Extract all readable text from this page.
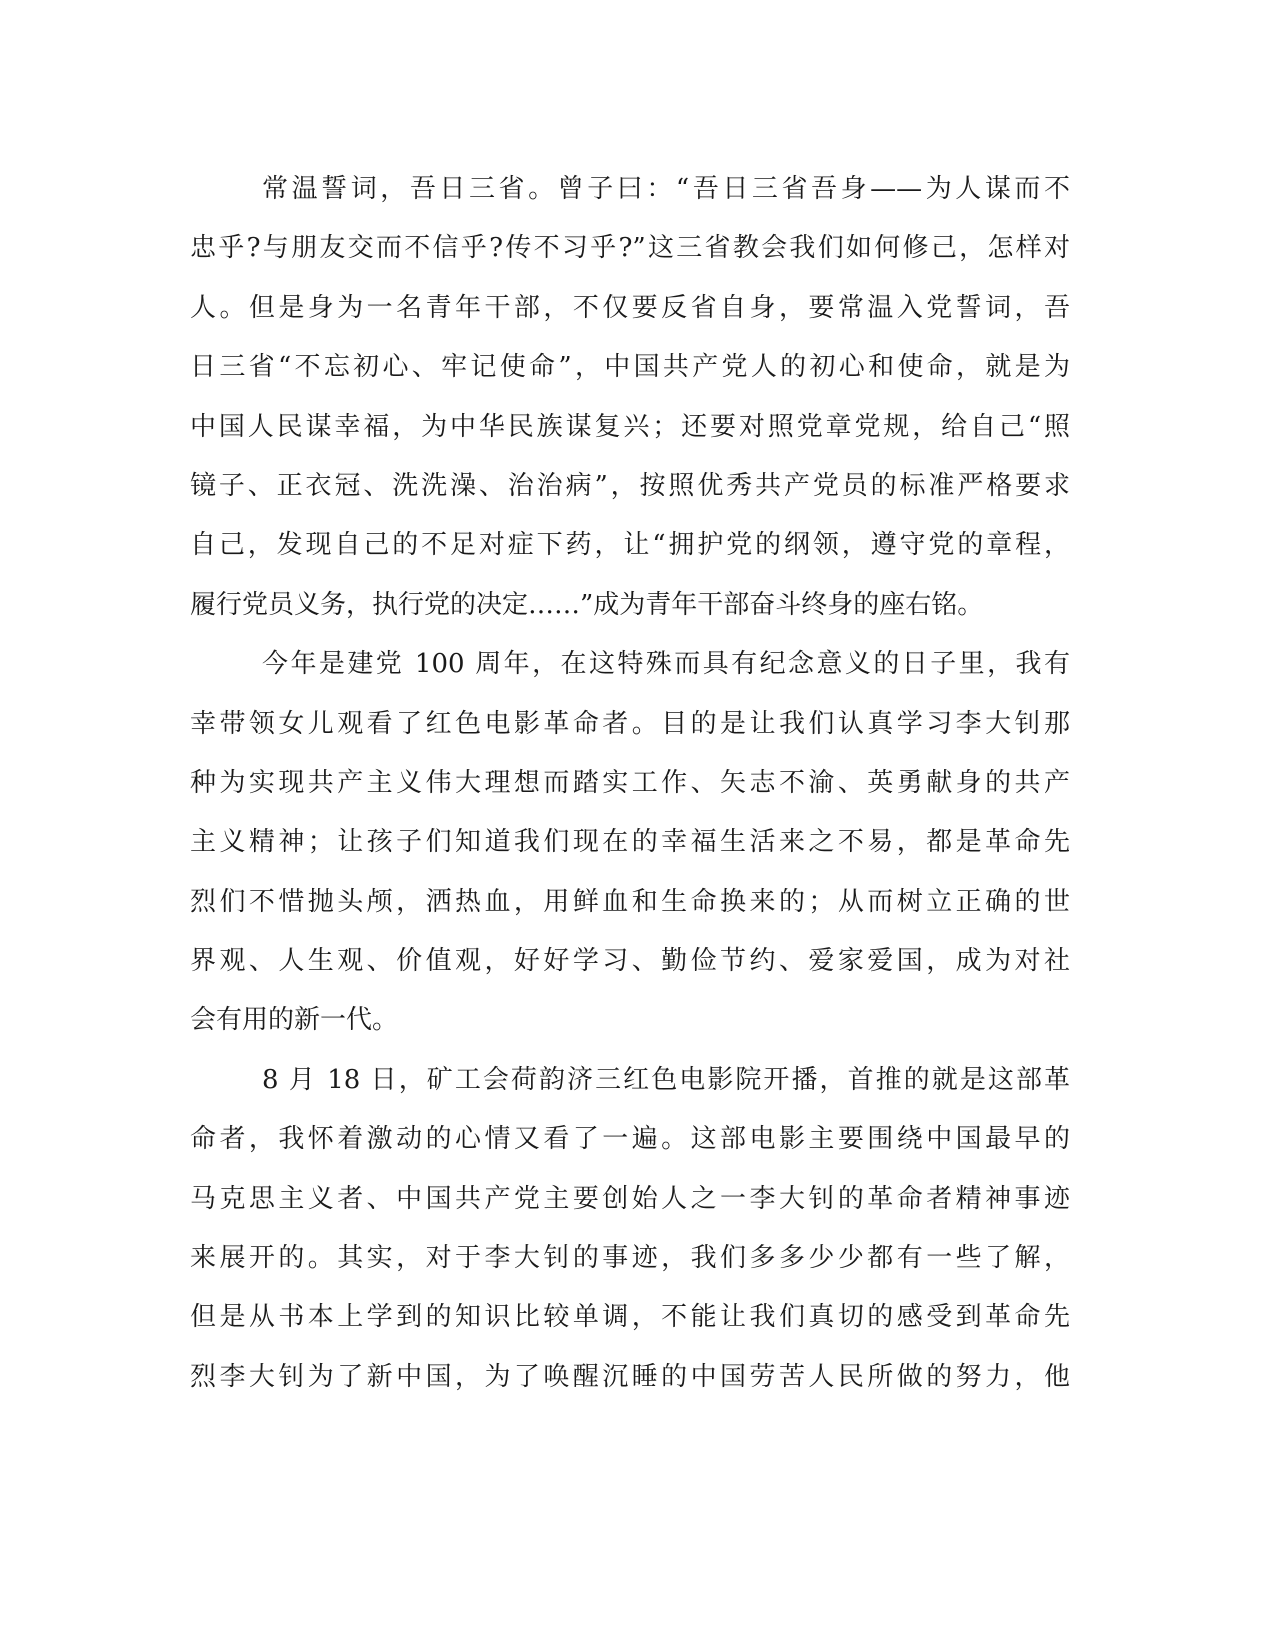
常温誓词，吾日三省。曾子曰：“吾日三省吾身——为人谋而不
忠乎?与朋友交而不信乎?传不习乎?”这三省教会我们如何修己，怎样对
人。但是身为一名青年干部，不仅要反省自身，要常温入党誓词，吾
日三省“不忘初心、牢记使命”，中国共产党人的初心和使命，就是为
中国人民谋幸福，为中华民族谋复兴；还要对照党章党规，给自己“照
镜子、正衣冠、洗洗澡、治治病”，按照优秀共产党员的标准严格要求
自己，发现自己的不足对症下药，让“拥护党的纲领，遵守党的章程，
履行党员义务，执行党的决定……”成为青年干部奋斗终身的座右铭。
今年是建党 100 周年，在这特殊而具有纪念意义的日子里，我有
幸带领女儿观看了红色电影革命者。目的是让我们认真学习李大钊那
种为实现共产主义伟大理想而踏实工作、矢志不渝、英勇献身的共产
主义精神；让孩子们知道我们现在的幸福生活来之不易，都是革命先
烈们不惜抛头颅，洒热血，用鲜血和生命换来的；从而树立正确的世
界观、人生观、价值观，好好学习、勤俭节约、爱家爱国，成为对社
会有用的新一代。
8 月 18 日，矿工会荷韵济三红色电影院开播，首推的就是这部革
命者，我怀着激动的心情又看了一遍。这部电影主要围绕中国最早的
马克思主义者、中国共产党主要创始人之一李大钊的革命者精神事迹
来展开的。其实，对于李大钊的事迹，我们多多少少都有一些了解，
但是从书本上学到的知识比较单调，不能让我们真切的感受到革命先
烈李大钊为了新中国，为了唤醒沉睡的中国劳苦人民所做的努力，他
